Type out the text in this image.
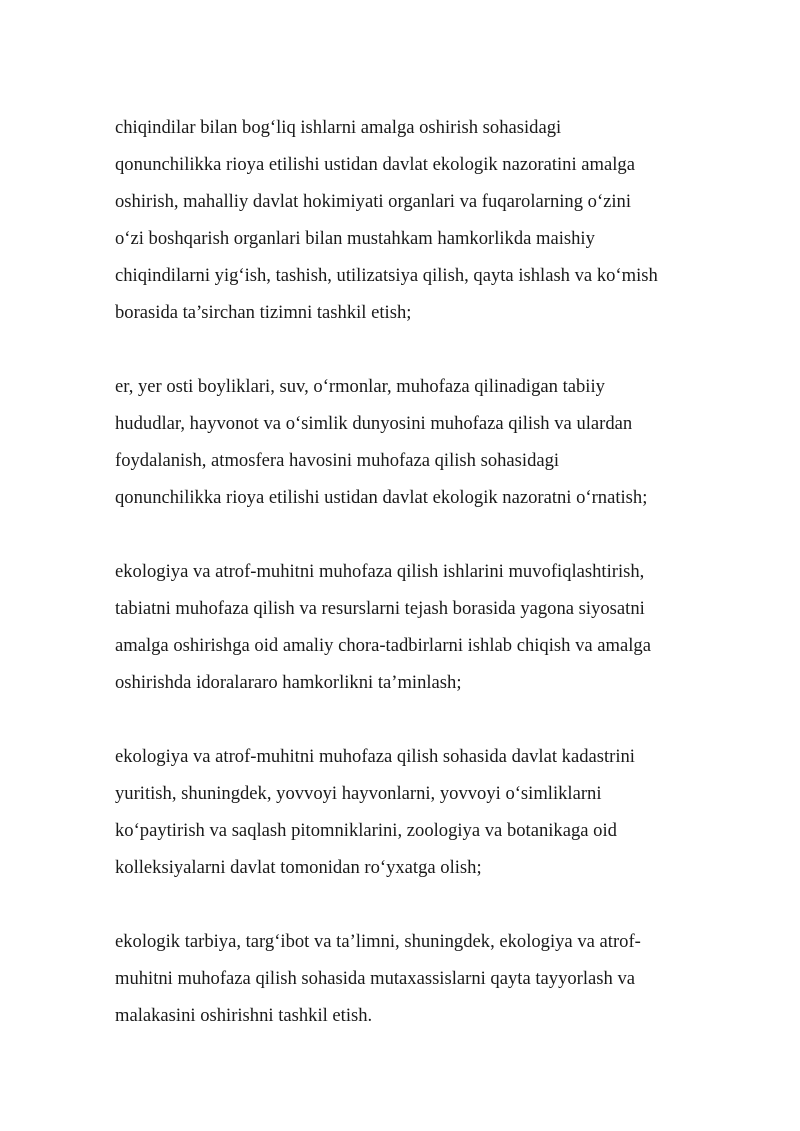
chiqindilar bilan bog‘liq ishlarni amalga oshirish sohasidagi
qonunchilikka rioya etilishi ustidan davlat ekologik nazoratini amalga
oshirish, mahalliy davlat hokimiyati organlari va fuqarolarning o‘zini
o‘zi boshqarish organlari bilan mustahkam hamkorlikda maishiy
chiqindilarni yig‘ish, tashish, utilizatsiya qilish, qayta ishlash va ko‘mish
borasida ta’sirchan tizimni tashkil etish;

er, yer osti boyliklari, suv, o‘rmonlar, muhofaza qilinadigan tabiiy
hududlar, hayvonot va o‘simlik dunyosini muhofaza qilish va ulardan
foydalanish, atmosfera havosini muhofaza qilish sohasidagi
qonunchilikka rioya etilishi ustidan davlat ekologik nazoratni o‘rnatish;

ekologiya va atrof-muhitni muhofaza qilish ishlarini muvofiqlashtirish,
tabiatni muhofaza qilish va resurslarni tejash borasida yagona siyosatni
amalga oshirishga oid amaliy chora-tadbirlarni ishlab chiqish va amalga
oshirishda idoralararo hamkorlikni ta’minlash;

ekologiya va atrof-muhitni muhofaza qilish sohasida davlat kadastrini
yuritish, shuningdek, yovvoyi hayvonlarni, yovvoyi o‘simliklarni
ko‘paytirish va saqlash pitomniklarini, zoologiya va botanikaga oid
kolleksiyalarni davlat tomonidan ro‘yxatga olish;

ekologik tarbiya, targ‘ibot va ta’limni, shuningdek, ekologiya va atrof-
muhitni muhofaza qilish sohasida mutaxassislarni qayta tayyorlash va
malakasini oshirishni tashkil etish.
